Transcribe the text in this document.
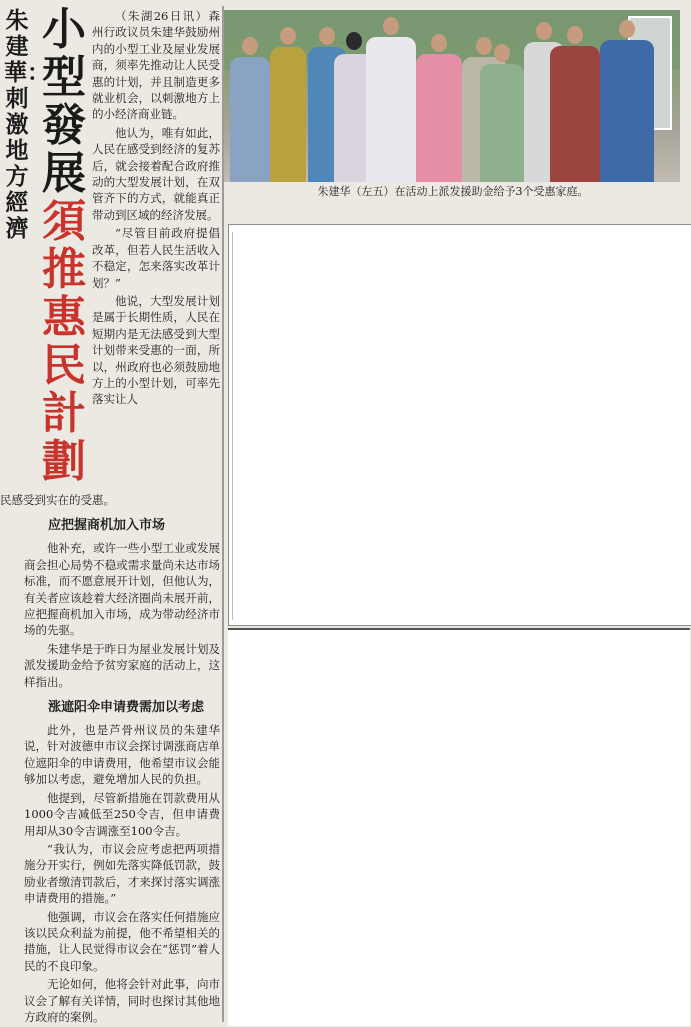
朱建華：刺激地方經濟
小型發展
須推惠民計劃

（朱湖26日讯）森州行政议员朱建华鼓励州内的小型工业及屋业发展商，须率先推动让人民受惠的计划，并且制造更多就业机会，以刺激地方上的小经济商业链。

他认为，唯有如此，人民在感受到经济的复苏后，就会接着配合政府推动的大型发展计划，在双管齐下的方式，就能真正带动到区域的经济发展。

“尽管目前政府提倡改革，但若人民生活收入不稳定，怎来落实改革计划？”

他说，大型发展计划是属于长期性质，人民在短期内是无法感受到大型计划带来受惠的一面，所以，州政府也必须鼓励地方上的小型计划，可率先落实让人

民感受到实在的受惠。

应把握商机加入市场

他补充，或许一些小型工业或发展商会担心局势不稳或需求量尚未达市场标准，而不愿意展开计划，但他认为，有关者应该趁着大经济圈尚未展开前，应把握商机加入市场，成为带动经济市场的先驱。

朱建华是于昨日为屋业发展计划及派发援助金给予贫穷家庭的活动上，这样指出。

涨遮阳伞申请费需加以考虑

此外，也是芦骨州议员的朱建华说，针对波德申市议会探讨调涨商店单位遮阳伞的申请费用，他希望市议会能够加以考虑，避免增加人民的负担。

他提到，尽管新措施在罚款费用从1000令吉减低至250令吉，但申请费用却从30令吉调涨至100令吉。

“我认为，市议会应考虑把两项措施分开实行，例如先落实降低罚款，鼓励业者缴清罚款后，才来探讨落实调涨申请费用的措施。”

他强调，市议会在落实任何措施应该以民众利益为前提，他不希望相关的措施，让人民觉得市议会在“惩罚”着人民的不良印象。

无论如何，他将会针对此事，向市议会了解有关详情，同时也探讨其他地方政府的案例。

朱建华（左五）在活动上派发援助金给予3个受惠家庭。
